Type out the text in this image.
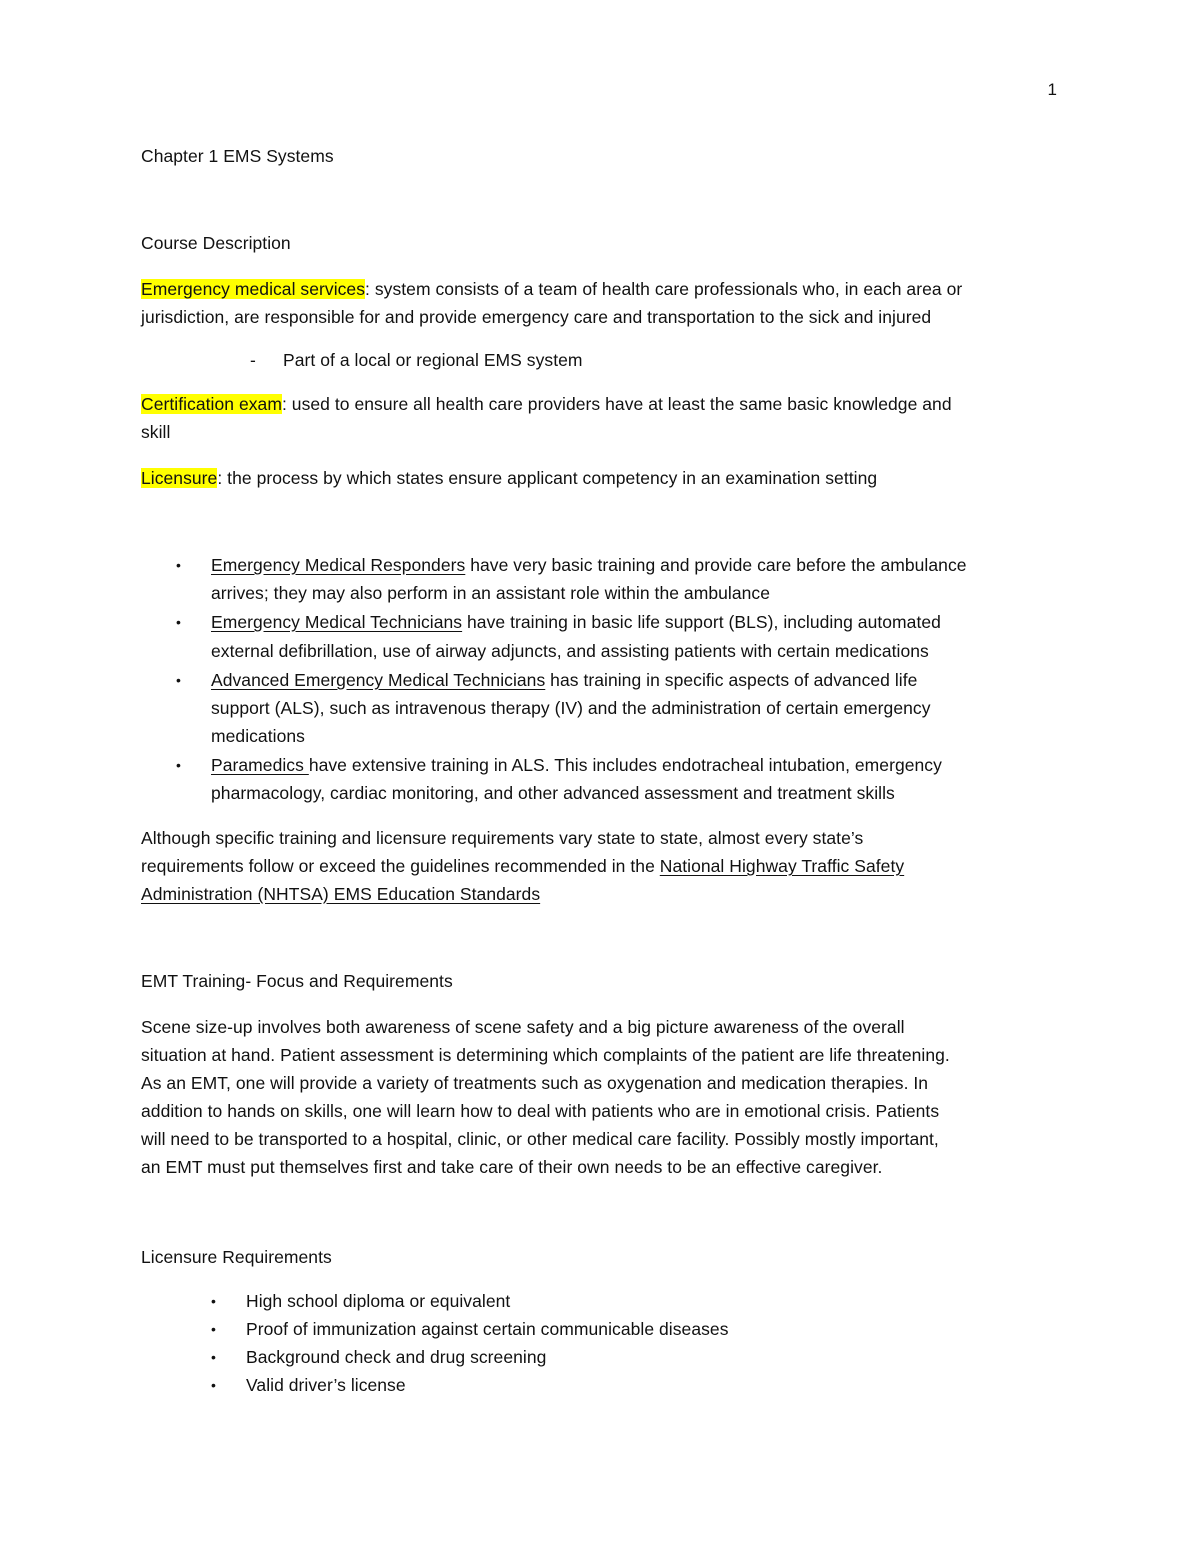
1
Chapter 1 EMS Systems
Course Description
Emergency medical services: system consists of a team of health care professionals who, in each area or
jurisdiction, are responsible for and provide emergency care and transportation to the sick and injured
- Part of a local or regional EMS system
Certification exam: used to ensure all health care providers have at least the same basic knowledge and
skill
Licensure: the process by which states ensure applicant competency in an examination setting
• Emergency Medical Responders have very basic training and provide care before the ambulance
arrives; they may also perform in an assistant role within the ambulance
• Emergency Medical Technicians have training in basic life support (BLS), including automated
external defibrillation, use of airway adjuncts, and assisting patients with certain medications
• Advanced Emergency Medical Technicians has training in specific aspects of advanced life
support (ALS), such as intravenous therapy (IV) and the administration of certain emergency
medications
• Paramedics have extensive training in ALS. This includes endotracheal intubation, emergency
pharmacology, cardiac monitoring, and other advanced assessment and treatment skills
Although specific training and licensure requirements vary state to state, almost every state’s
requirements follow or exceed the guidelines recommended in the National Highway Traffic Safety
Administration (NHTSA) EMS Education Standards
EMT Training- Focus and Requirements
Scene size-up involves both awareness of scene safety and a big picture awareness of the overall
situation at hand. Patient assessment is determining which complaints of the patient are life threatening.
As an EMT, one will provide a variety of treatments such as oxygenation and medication therapies. In
addition to hands on skills, one will learn how to deal with patients who are in emotional crisis. Patients
will need to be transported to a hospital, clinic, or other medical care facility. Possibly mostly important,
an EMT must put themselves first and take care of their own needs to be an effective caregiver.
Licensure Requirements
• High school diploma or equivalent
• Proof of immunization against certain communicable diseases
• Background check and drug screening
• Valid driver’s license
